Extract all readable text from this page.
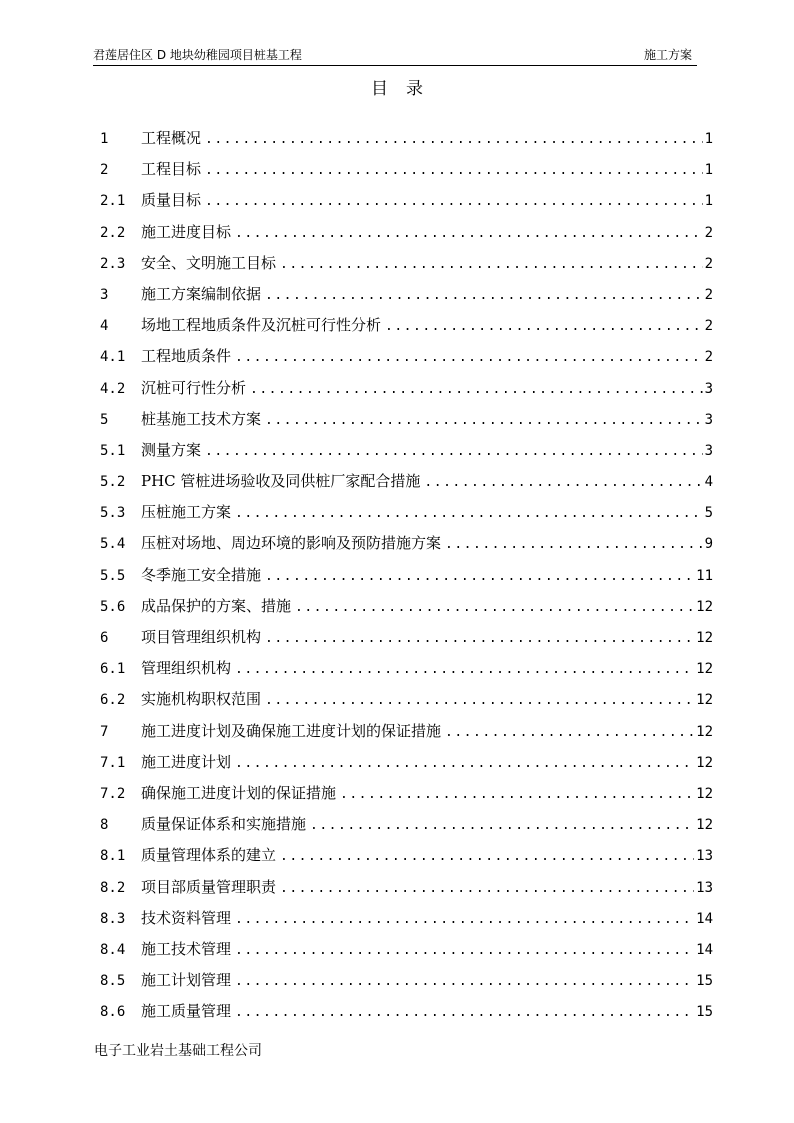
君莲居住区 D 地块幼稚园项目桩基工程	施工方案
目录
1	工程概况 .....	1
2	工程目标 .....	1
2.1	质量目标 .....	1
2.2	施工进度目标 .....	2
2.3	安全、文明施工目标 .....	2
3	施工方案编制依据 .....	2
4	场地工程地质条件及沉桩可行性分析 .....	2
4.1	工程地质条件 .....	2
4.2	沉桩可行性分析 .....	3
5	桩基施工技术方案 .....	3
5.1	测量方案 .....	3
5.2	PHC 管桩进场验收及同供桩厂家配合措施 .....	4
5.3	压桩施工方案 .....	5
5.4	压桩对场地、周边环境的影响及预防措施方案 .....	9
5.5	冬季施工安全措施 .....	11
5.6	成品保护的方案、措施 .....	12
6	项目管理组织机构 .....	12
6.1	管理组织机构 .....	12
6.2	实施机构职权范围 .....	12
7	施工进度计划及确保施工进度计划的保证措施 .....	12
7.1	施工进度计划 .....	12
7.2	确保施工进度计划的保证措施 .....	12
8	质量保证体系和实施措施 .....	12
8.1	质量管理体系的建立 .....	13
8.2	项目部质量管理职责 .....	13
8.3	技术资料管理 .....	14
8.4	施工技术管理 .....	14
8.5	施工计划管理 .....	15
8.6	施工质量管理 .....	15
电子工业岩土基础工程公司
